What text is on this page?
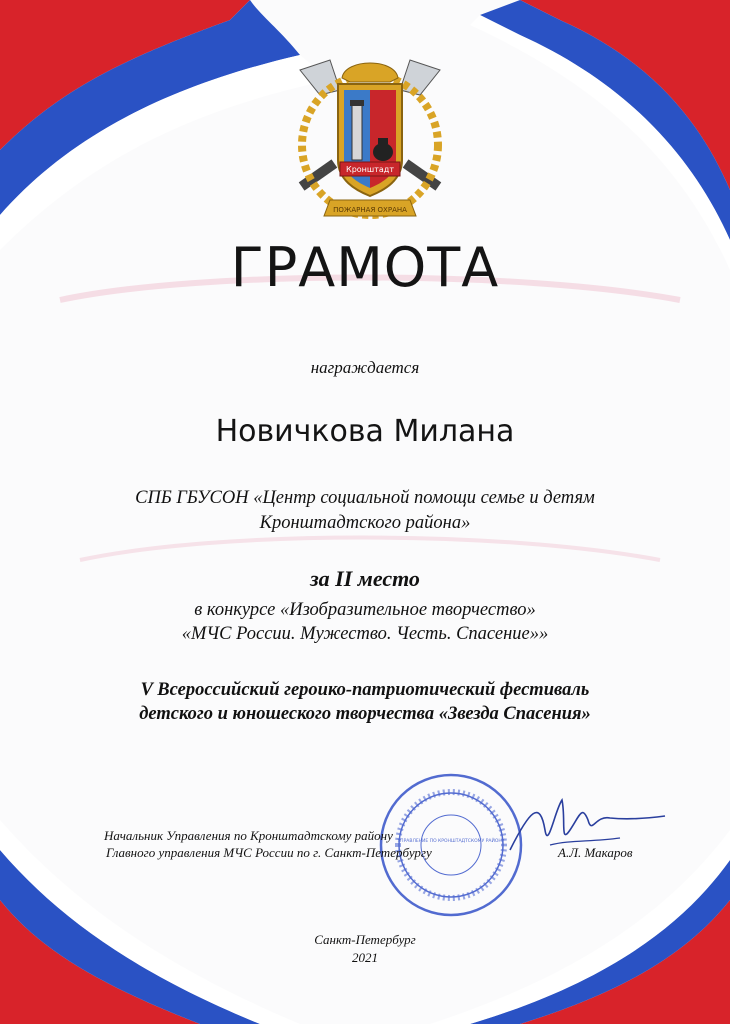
Кронштадт
ПОЖАРНАЯ ОХРАНА
ГРАМОТА
награждается
Новичкова Милана
СПБ ГБУСОН «Центр социальной помощи семье и детям
Кронштадтского района»
за II место
в конкурсе «Изобразительное творчество»
«МЧС России. Мужество. Честь. Спасение»»
V Всероссийский героико-патриотический фестиваль
детского и юношеского творчества «Звезда Спасения»
УПРАВЛЕНИЕ ПО КРОНШТАДТСКОМУ РАЙОНУ
Начальник Управления по Кронштадтскому району
Главного управления МЧС России по г. Санкт-Петербургу	А.Л. Макаров
Санкт-Петербург
2021
